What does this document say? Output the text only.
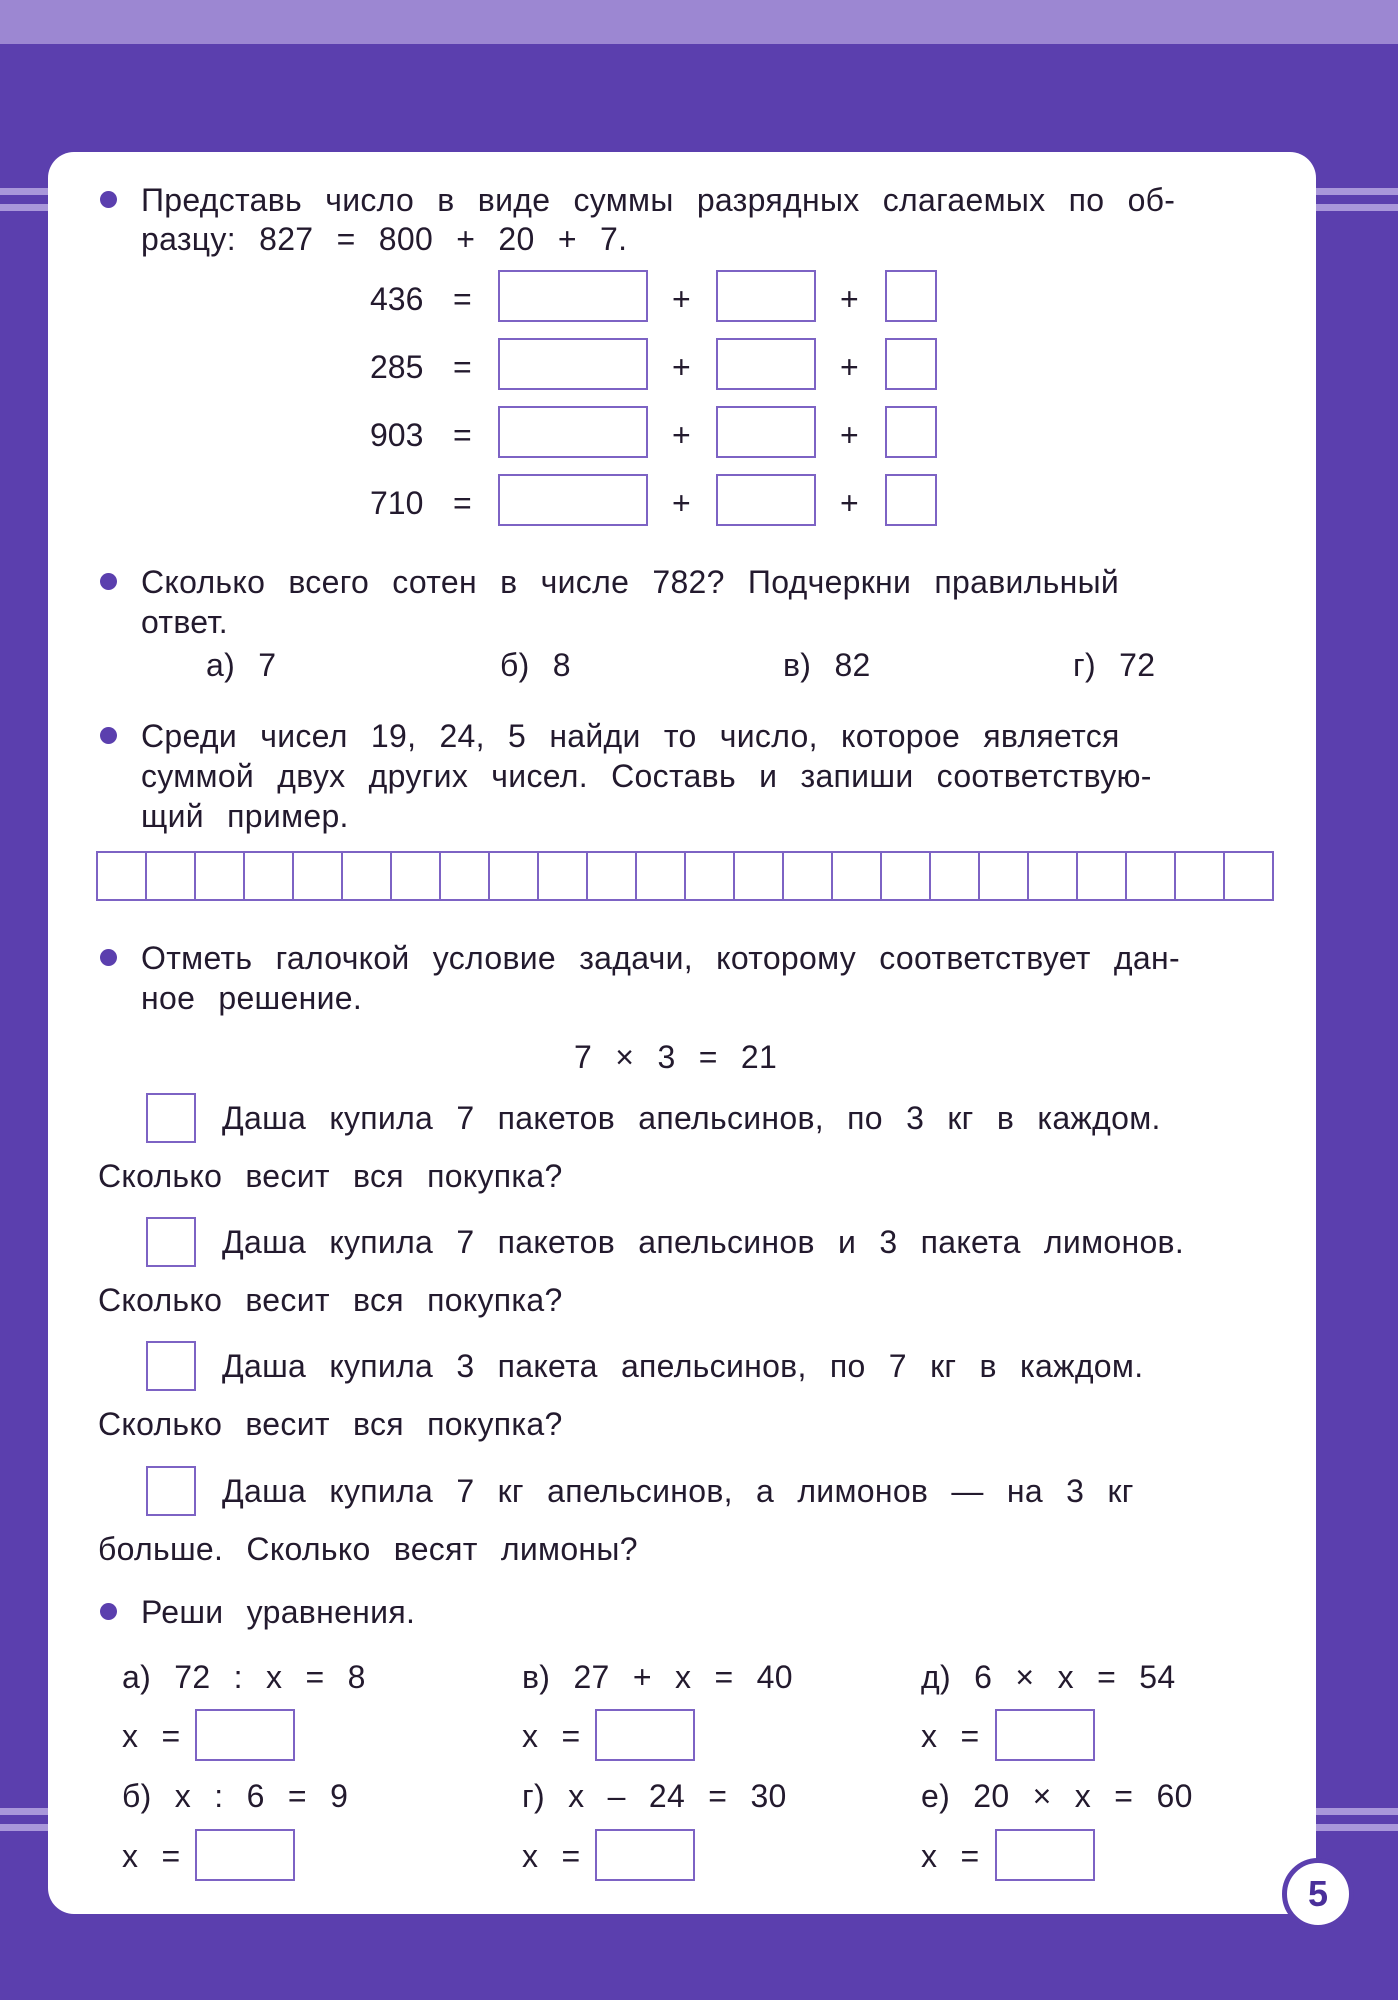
Представь число в виде суммы разрядных слагаемых по об-
разцу: 827 = 800 + 20 + 7.
436 =	+	+
285 =	+	+
903 =	+	+
710 =	+	+
Сколько всего сотен в числе 782? Подчеркни правильный
ответ.
а) 7	б) 8	в) 82	г) 72
Среди чисел 19, 24, 5 найди то число, которое является
суммой двух других чисел. Составь и запиши соответствую-
щий пример.
Отметь галочкой условие задачи, которому соответствует дан-
ное решение.
7 × 3 = 21
Даша купила 7 пакетов апельсинов, по 3 кг в каждом.
Сколько весит вся покупка?
Даша купила 7 пакетов апельсинов и 3 пакета лимонов.
Сколько весит вся покупка?
Даша купила 3 пакета апельсинов, по 7 кг в каждом.
Сколько весит вся покупка?
Даша купила 7 кг апельсинов, а лимонов — на 3 кг
больше. Сколько весят лимоны?
Реши уравнения.
а) 72 : x = 8	в) 27 + x = 40	д) 6 × x = 54
x =	x =	x =
б) x : 6 = 9	г) x – 24 = 30	е) 20 × x = 60
x =	x =	x =
5
